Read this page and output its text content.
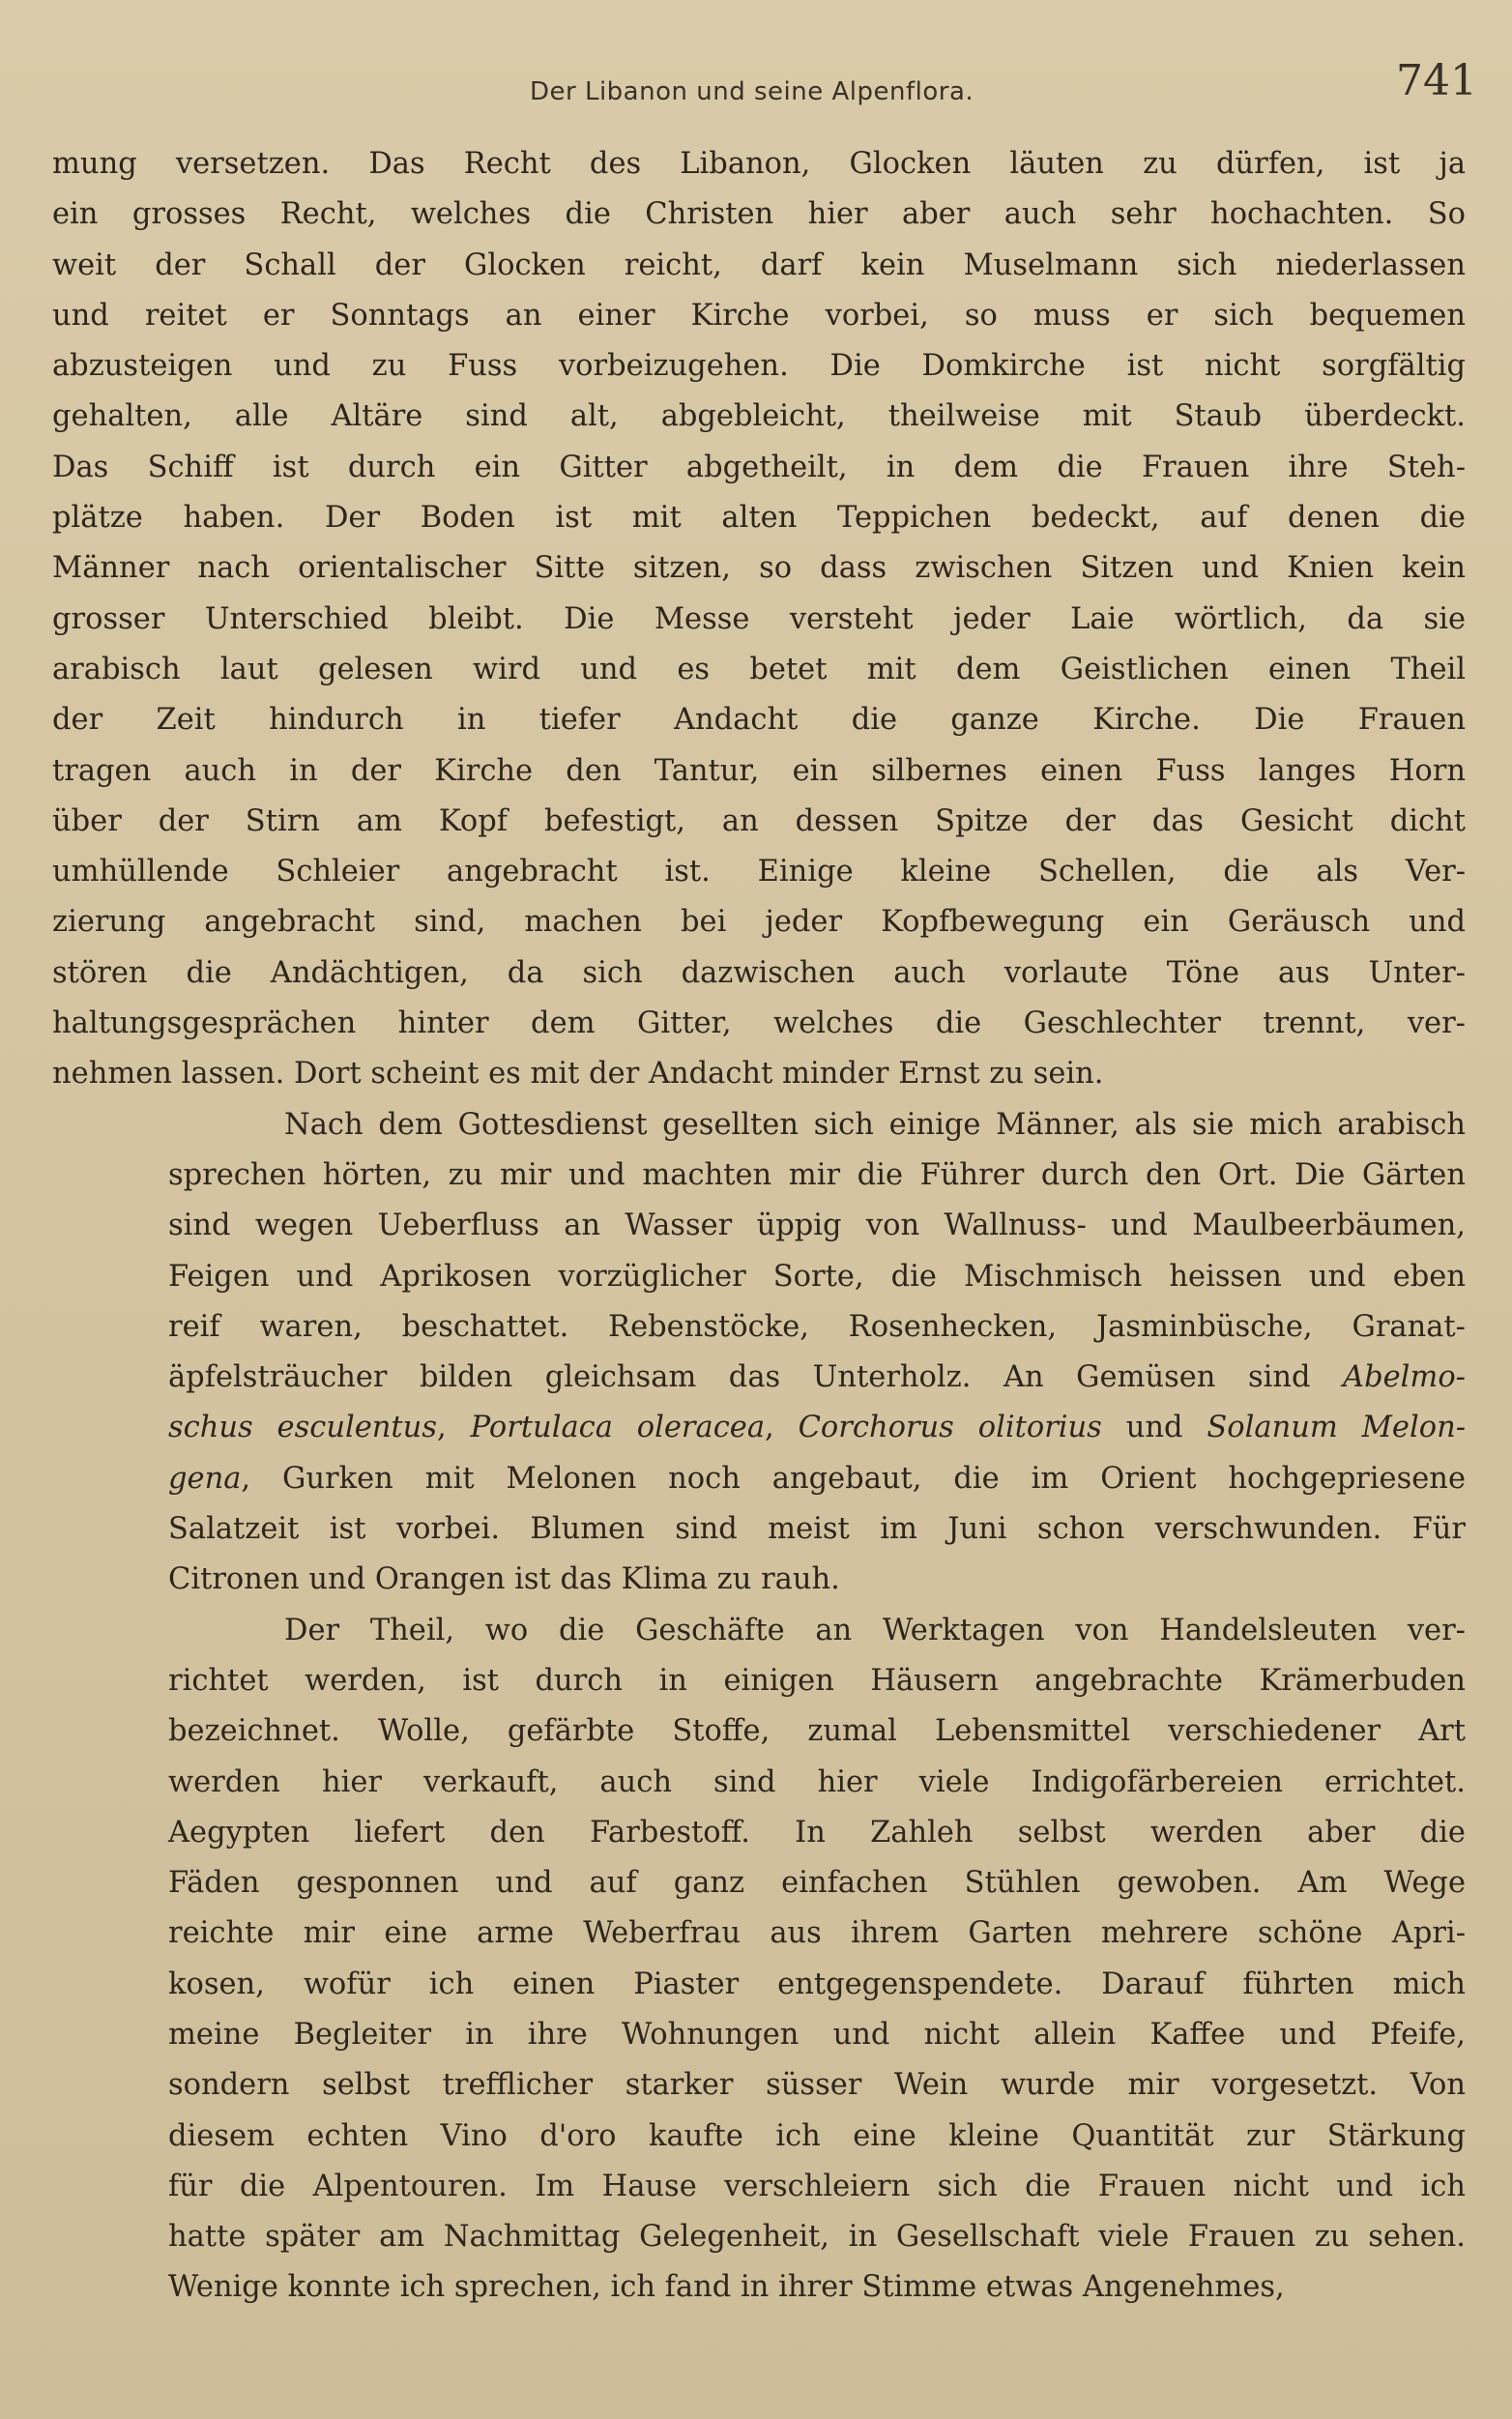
Der Libanon und seine Alpenflora.	741

mung versetzen. Das Recht des Libanon, Glocken läuten zu dürfen, ist ja
ein grosses Recht, welches die Christen hier aber auch sehr hochachten. So
weit der Schall der Glocken reicht, darf kein Muselmann sich niederlassen
und reitet er Sonntags an einer Kirche vorbei, so muss er sich bequemen
abzusteigen und zu Fuss vorbeizugehen. Die Domkirche ist nicht sorgfältig
gehalten, alle Altäre sind alt, abgebleicht, theilweise mit Staub überdeckt.
Das Schiff ist durch ein Gitter abgetheilt, in dem die Frauen ihre Steh-
plätze haben. Der Boden ist mit alten Teppichen bedeckt, auf denen die
Männer nach orientalischer Sitte sitzen, so dass zwischen Sitzen und Knien kein
grosser Unterschied bleibt. Die Messe versteht jeder Laie wörtlich, da sie
arabisch laut gelesen wird und es betet mit dem Geistlichen einen Theil
der Zeit hindurch in tiefer Andacht die ganze Kirche. Die Frauen
tragen auch in der Kirche den Tantur, ein silbernes einen Fuss langes Horn
über der Stirn am Kopf befestigt, an dessen Spitze der das Gesicht dicht
umhüllende Schleier angebracht ist. Einige kleine Schellen, die als Ver-
zierung angebracht sind, machen bei jeder Kopfbewegung ein Geräusch und
stören die Andächtigen, da sich dazwischen auch vorlaute Töne aus Unter-
haltungsgesprächen hinter dem Gitter, welches die Geschlechter trennt, ver-
nehmen lassen. Dort scheint es mit der Andacht minder Ernst zu sein.

Nach dem Gottesdienst gesellten sich einige Männer, als sie mich arabisch
sprechen hörten, zu mir und machten mir die Führer durch den Ort. Die Gärten
sind wegen Ueberfluss an Wasser üppig von Wallnuss- und Maulbeerbäumen,
Feigen und Aprikosen vorzüglicher Sorte, die Mischmisch heissen und eben
reif waren, beschattet. Rebenstöcke, Rosenhecken, Jasminbüsche, Granat-
äpfelsträucher bilden gleichsam das Unterholz. An Gemüsen sind Abelmo-
schus esculentus, Portulaca oleracea, Corchorus olitorius und Solanum Melon-
gena, Gurken mit Melonen noch angebaut, die im Orient hochgepriesene
Salatzeit ist vorbei. Blumen sind meist im Juni schon verschwunden. Für
Citronen und Orangen ist das Klima zu rauh.

Der Theil, wo die Geschäfte an Werktagen von Handelsleuten ver-
richtet werden, ist durch in einigen Häusern angebrachte Krämerbuden
bezeichnet. Wolle, gefärbte Stoffe, zumal Lebensmittel verschiedener Art
werden hier verkauft, auch sind hier viele Indigofärbereien errichtet.
Aegypten liefert den Farbestoff. In Zahleh selbst werden aber die
Fäden gesponnen und auf ganz einfachen Stühlen gewoben. Am Wege
reichte mir eine arme Weberfrau aus ihrem Garten mehrere schöne Apri-
kosen, wofür ich einen Piaster entgegenspendete. Darauf führten mich
meine Begleiter in ihre Wohnungen und nicht allein Kaffee und Pfeife,
sondern selbst trefflicher starker süsser Wein wurde mir vorgesetzt. Von
diesem echten Vino d'oro kaufte ich eine kleine Quantität zur Stärkung
für die Alpentouren. Im Hause verschleiern sich die Frauen nicht und ich
hatte später am Nachmittag Gelegenheit, in Gesellschaft viele Frauen zu sehen.
Wenige konnte ich sprechen, ich fand in ihrer Stimme etwas Angenehmes,
